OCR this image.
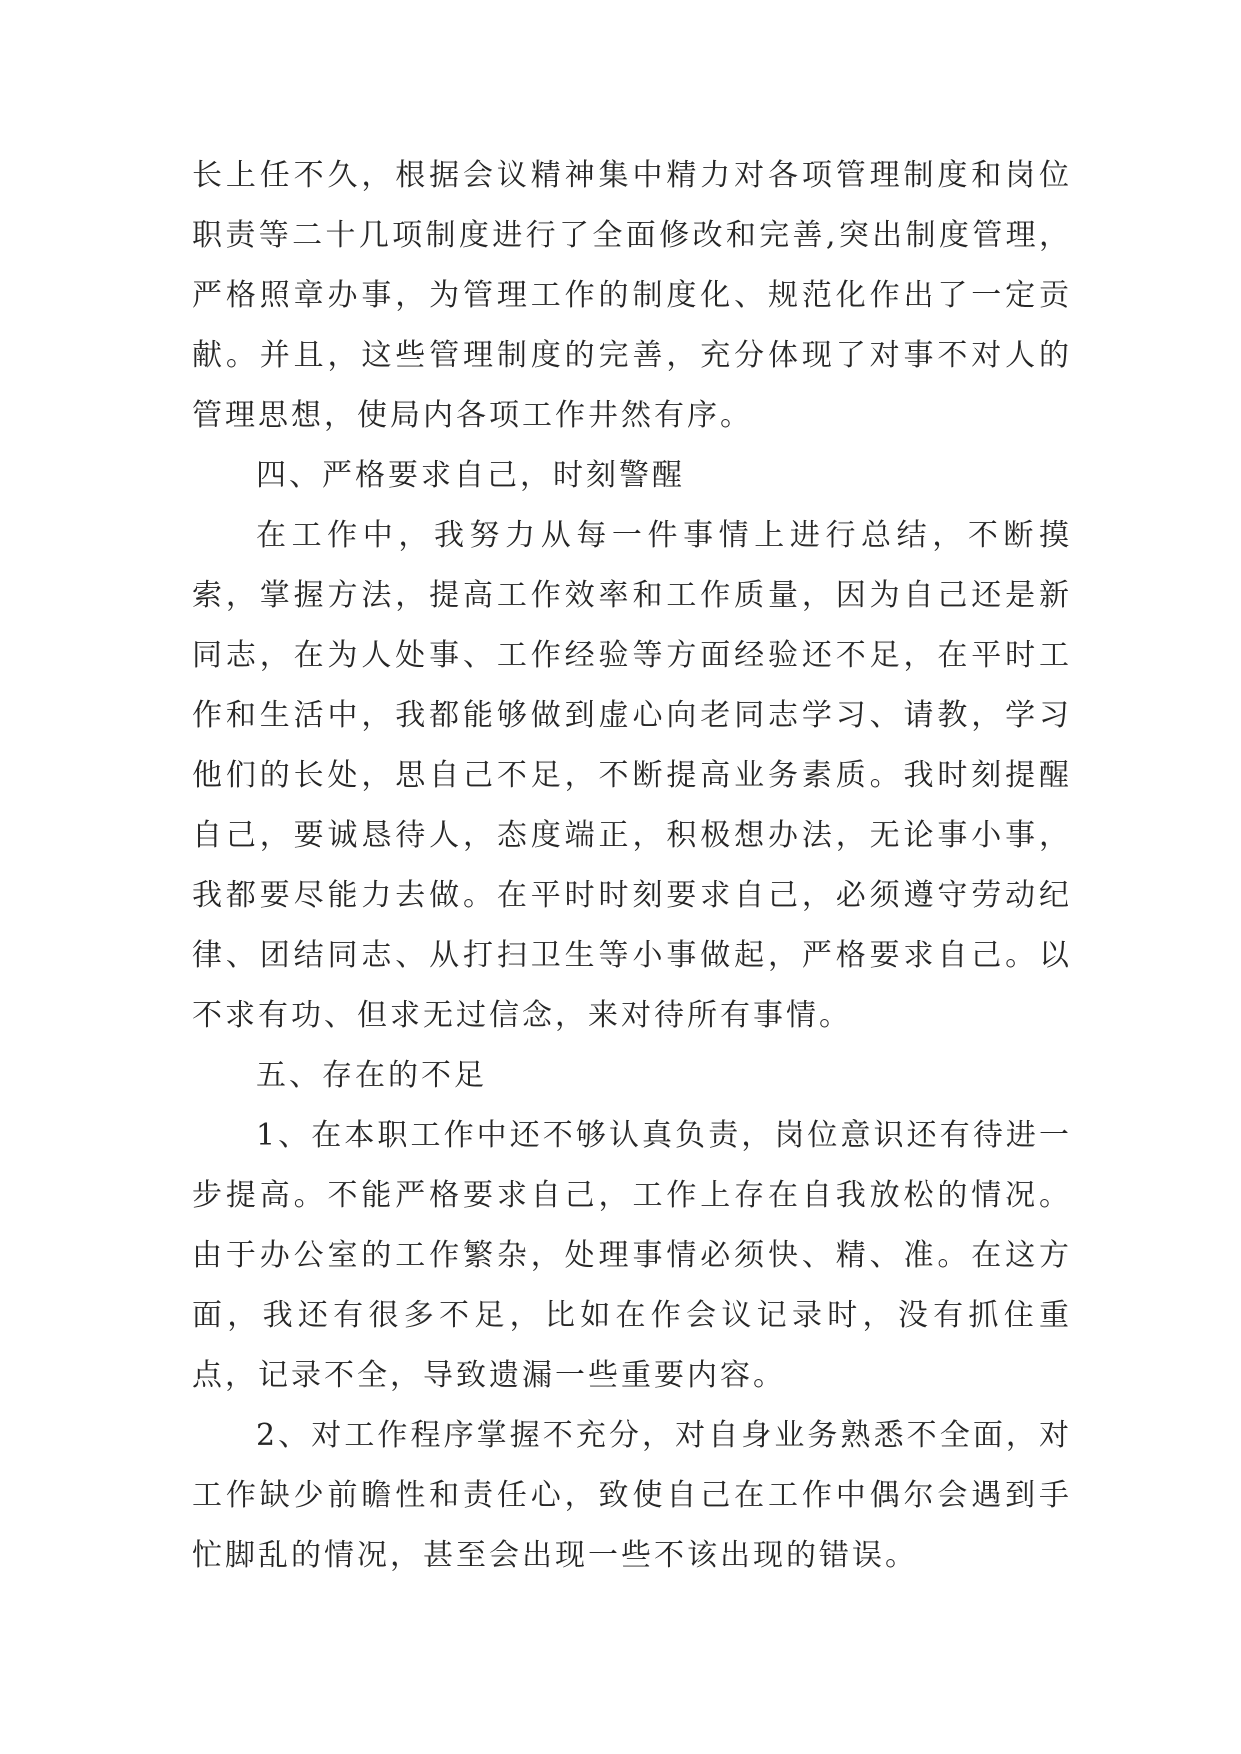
长上任不久，根据会议精神集中精力对各项管理制度和岗位职责等二十几项制度进行了全面修改和完善,突出制度管理，严格照章办事，为管理工作的制度化、规范化作出了一定贡献。并且，这些管理制度的完善，充分体现了对事不对人的管理思想，使局内各项工作井然有序。

四、严格要求自己，时刻警醒

在工作中，我努力从每一件事情上进行总结，不断摸索，掌握方法，提高工作效率和工作质量，因为自己还是新同志，在为人处事、工作经验等方面经验还不足，在平时工作和生活中，我都能够做到虚心向老同志学习、请教，学习他们的长处，思自己不足，不断提高业务素质。我时刻提醒自己，要诚恳待人，态度端正，积极想办法，无论事小事，我都要尽能力去做。在平时时刻要求自己，必须遵守劳动纪律、团结同志、从打扫卫生等小事做起，严格要求自己。以不求有功、但求无过信念，来对待所有事情。

五、存在的不足

1、在本职工作中还不够认真负责，岗位意识还有待进一步提高。不能严格要求自己，工作上存在自我放松的情况。由于办公室的工作繁杂，处理事情必须快、精、准。在这方面，我还有很多不足，比如在作会议记录时，没有抓住重点，记录不全，导致遗漏一些重要内容。

2、对工作程序掌握不充分，对自身业务熟悉不全面，对工作缺少前瞻性和责任心，致使自己在工作中偶尔会遇到手忙脚乱的情况，甚至会出现一些不该出现的错误。
